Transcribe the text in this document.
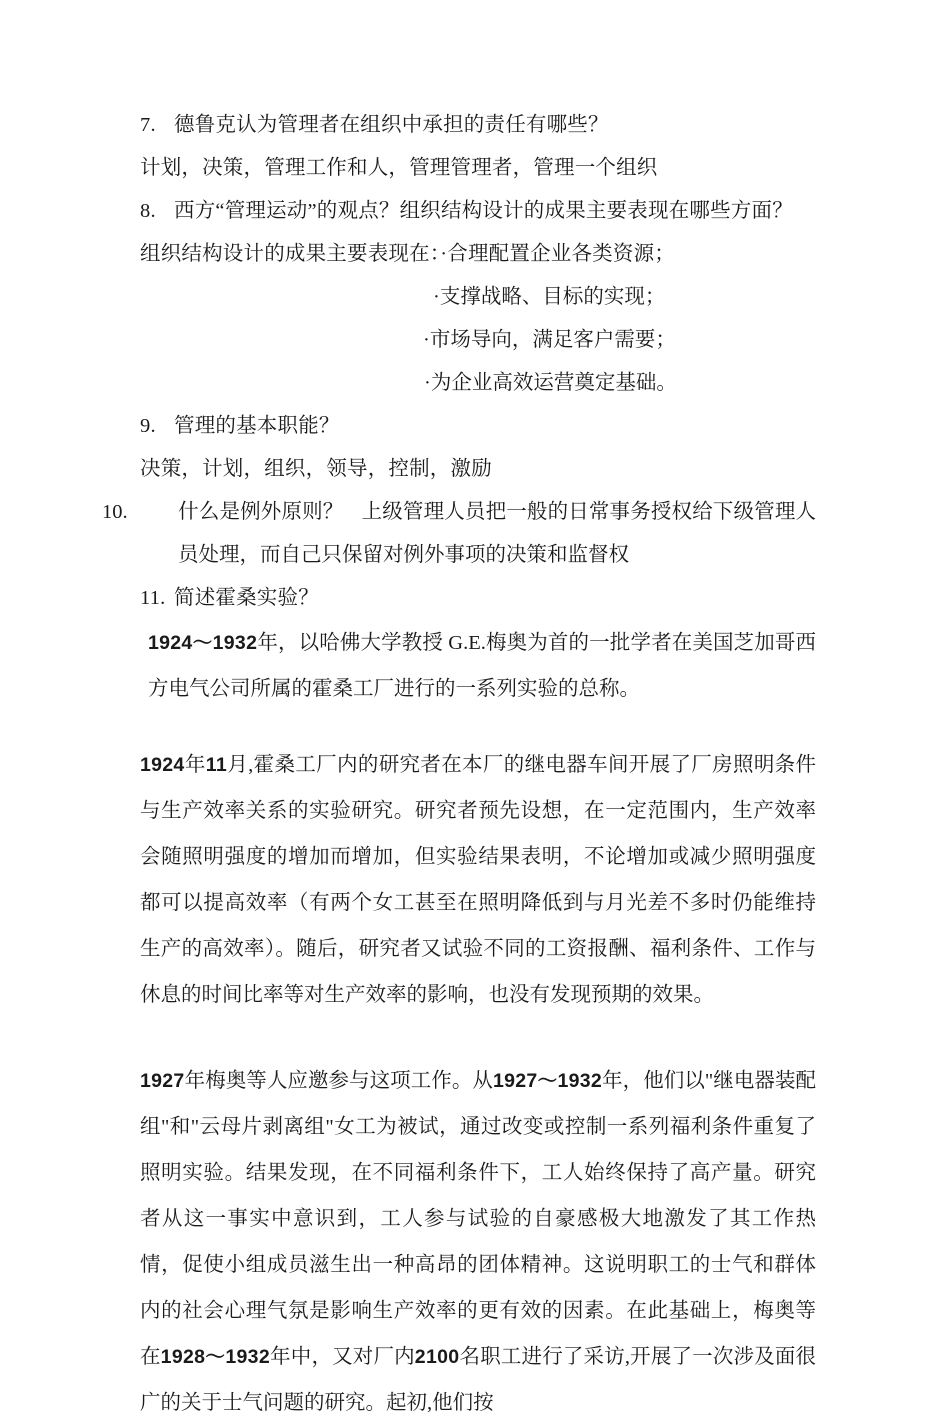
7. 德鲁克认为管理者在组织中承担的责任有哪些？
计划，决策，管理工作和人，管理管理者，管理一个组织
8. 西方“管理运动”的观点？组织结构设计的成果主要表现在哪些方面？
组织结构设计的成果主要表现在：·合理配置企业各类资源；
·支撑战略、目标的实现；
·市场导向，满足客户需要；
·为企业高效运营奠定基础。
9. 管理的基本职能？
决策，计划，组织，领导，控制，激励
10. 什么是例外原则？ 上级管理人员把一般的日常事务授权给下级管理人员处理，而自己只保留对例外事项的决策和监督权
11. 简述霍桑实验？
1924～1932年，以哈佛大学教授 G.E.梅奥为首的一批学者在美国芝加哥西方电气公司所属的霍桑工厂进行的一系列实验的总称。

1924年11月,霍桑工厂内的研究者在本厂的继电器车间开展了厂房照明条件与生产效率关系的实验研究。研究者预先设想，在一定范围内，生产效率会随照明强度的增加而增加，但实验结果表明，不论增加或减少照明强度都可以提高效率（有两个女工甚至在照明降低到与月光差不多时仍能维持生产的高效率）。随后，研究者又试验不同的工资报酬、福利条件、工作与休息的时间比率等对生产效率的影响，也没有发现预期的效果。

1927年梅奥等人应邀参与这项工作。从1927～1932年，他们以"继电器装配组"和"云母片剥离组"女工为被试，通过改变或控制一系列福利条件重复了照明实验。结果发现，在不同福利条件下，工人始终保持了高产量。研究者从这一事实中意识到，工人参与试验的自豪感极大地激发了其工作热情，促使小组成员滋生出一种高昂的团体精神。这说明职工的士气和群体内的社会心理气氛是影响生产效率的更有效的因素。在此基础上，梅奥等在1928～1932年中，又对厂内2100名职工进行了采访,开展了一次涉及面很广的关于士气问题的研究。起初,他们按
